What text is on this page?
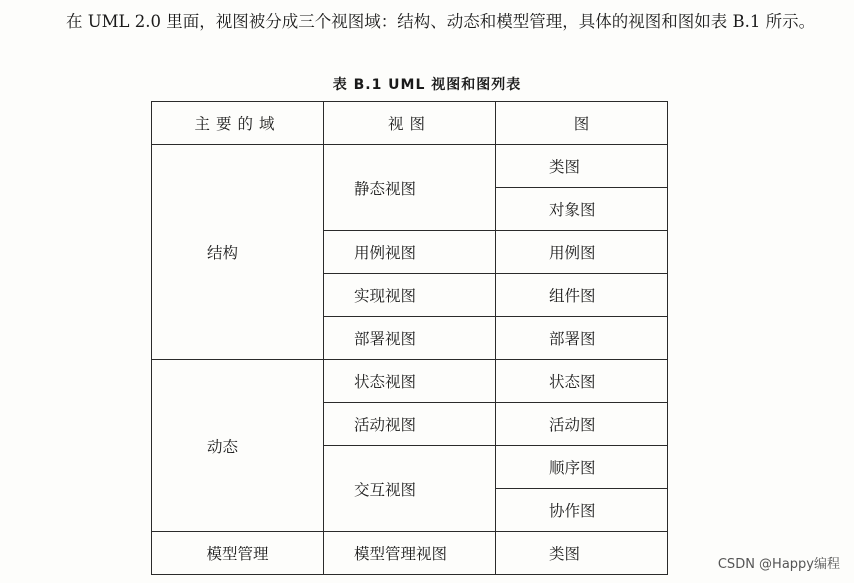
在 UML 2.0 里面，视图被分成三个视图域：结构、动态和模型管理，具体的视图和图如表 B.1 所示。

表 B.1 UML 视图和图列表
主要的域	视图	图
结构	静态视图	类图
		对象图
	用例视图	用例图
	实现视图	组件图
	部署视图	部署图
动态	状态视图	状态图
	活动视图	活动图
	交互视图	顺序图
		协作图
模型管理	模型管理视图	类图
CSDN @Happy编程
